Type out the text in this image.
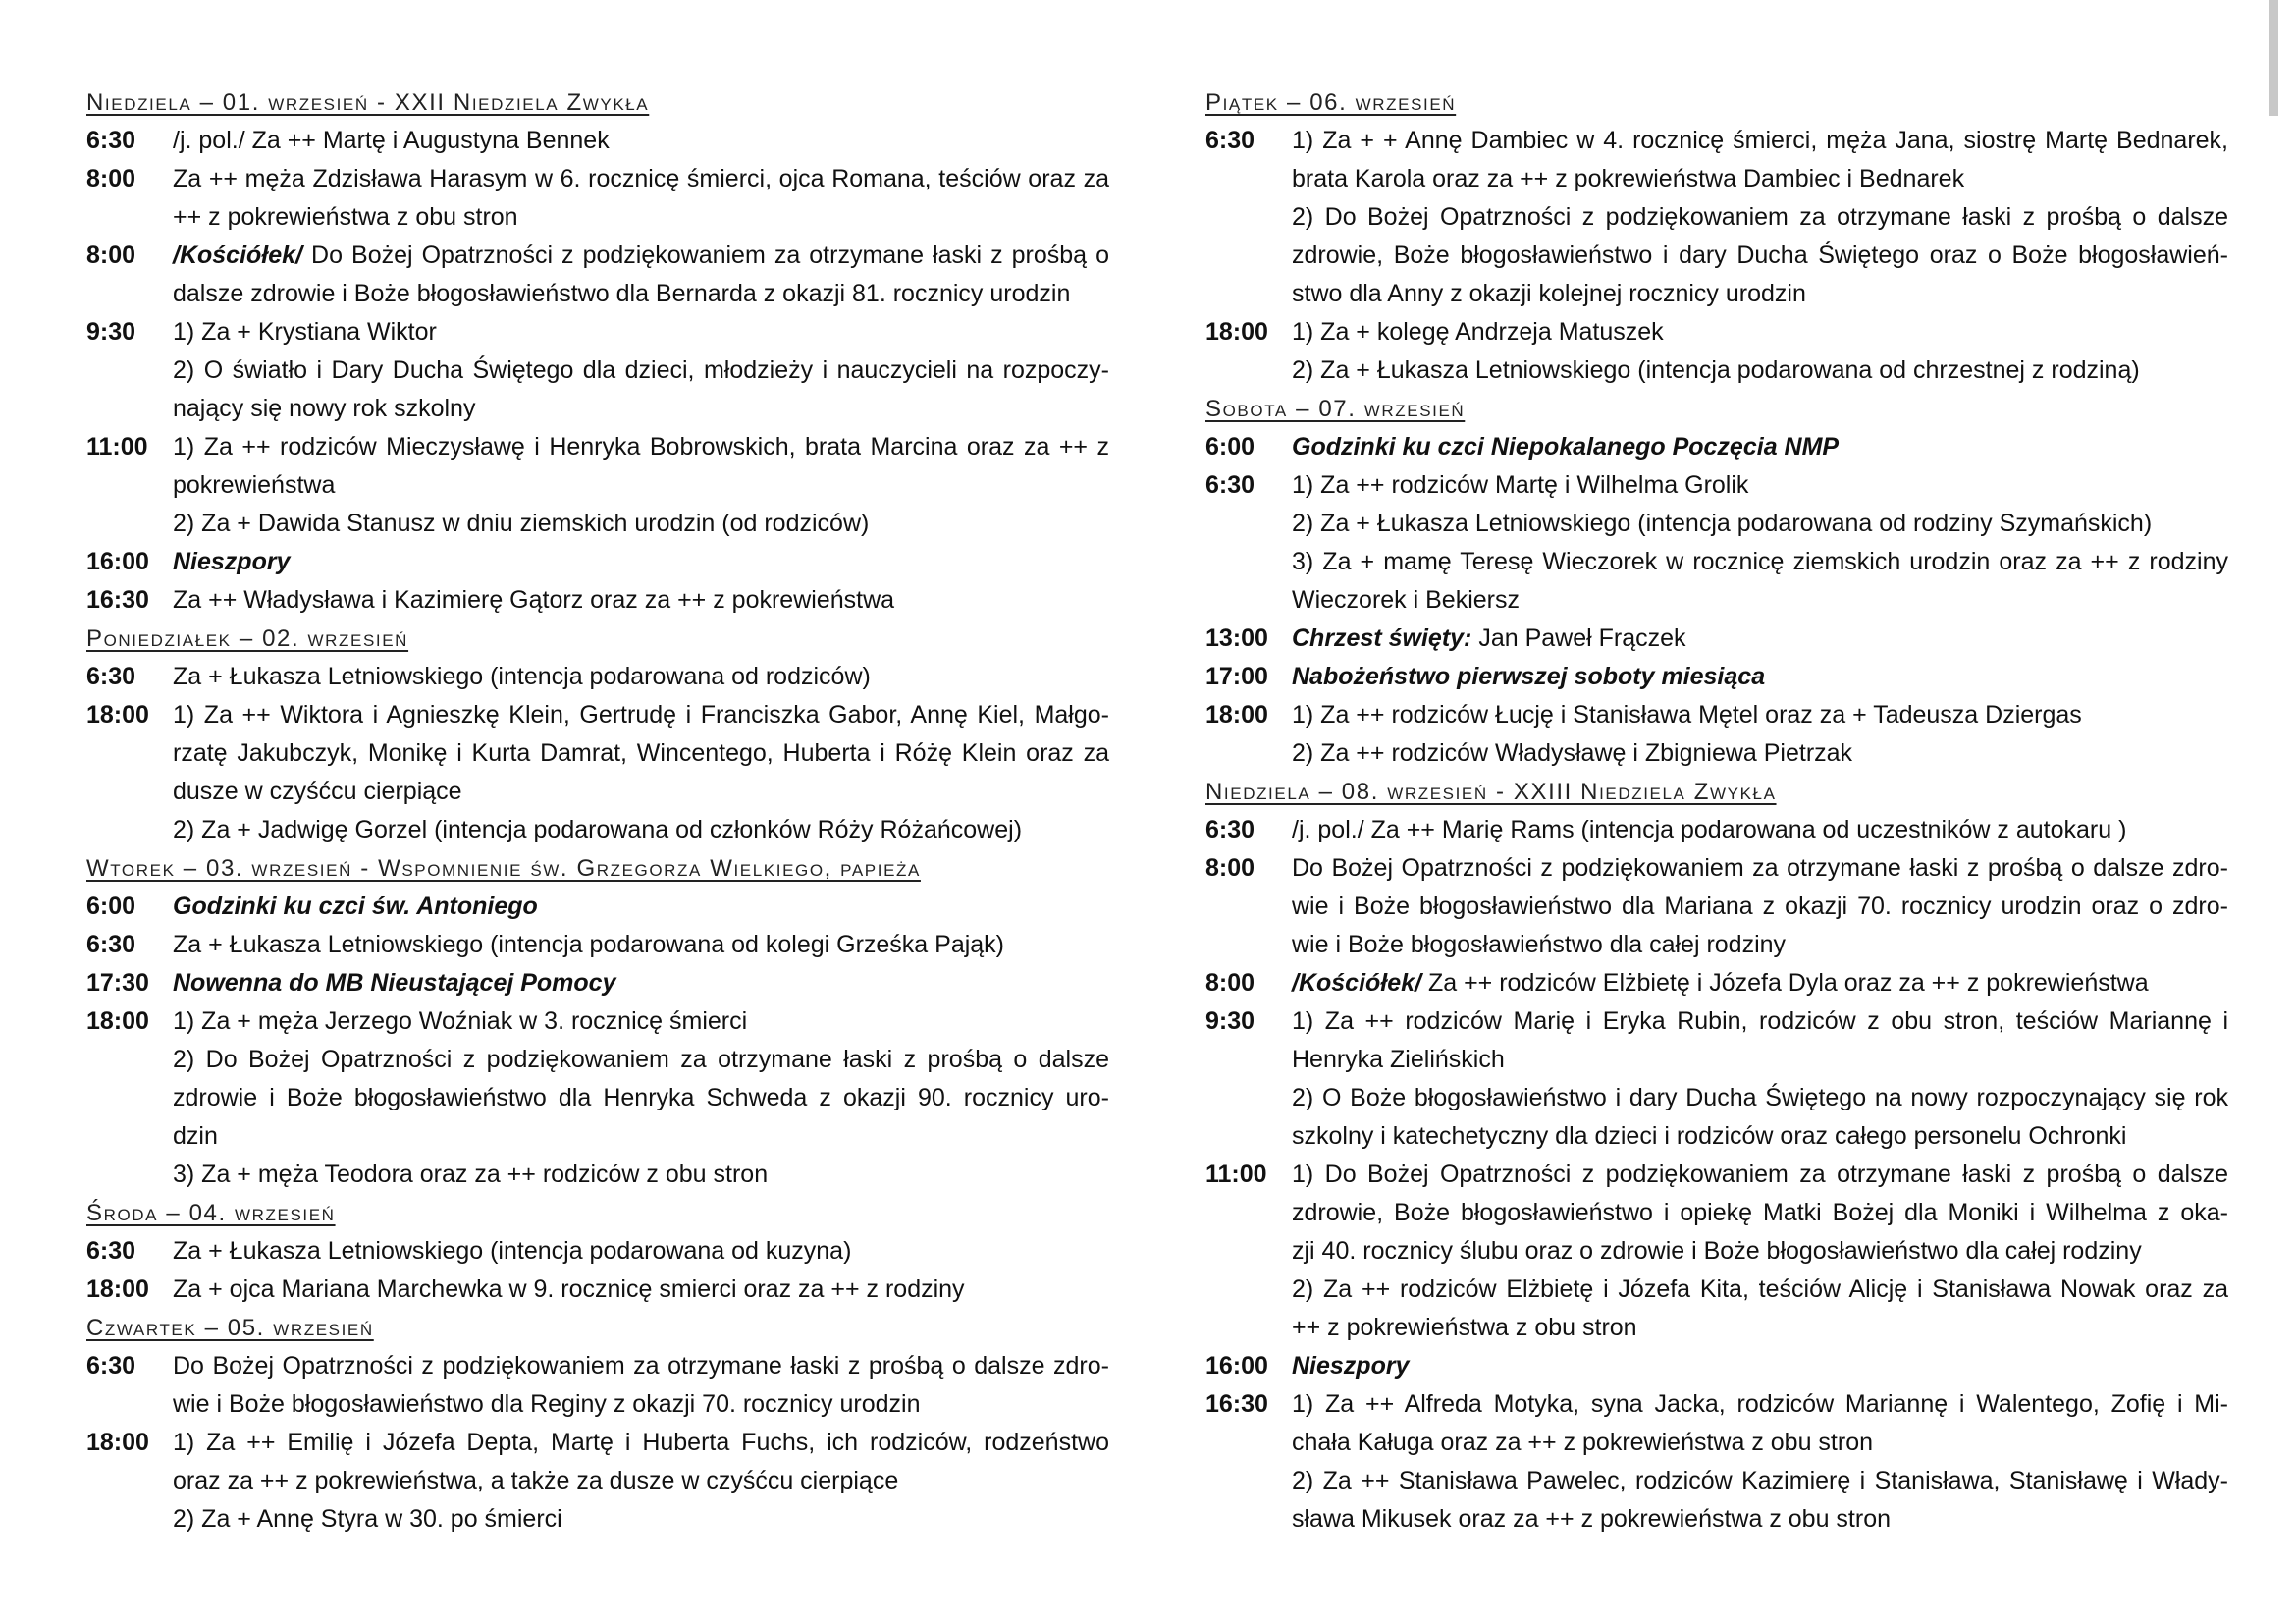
Niedziela – 01. wrzesień - XXII Niedziela Zwykła
6:30	/j. pol./ Za ++ Martę i Augustyna Bennek
8:00	Za ++ męża Zdzisława Harasym w 6. rocznicę śmierci, ojca Romana, teściów oraz za
++ z pokrewieństwa z obu stron
8:00	/Kościółek/ Do Bożej Opatrzności z podziękowaniem za otrzymane łaski z prośbą o
dalsze zdrowie i Boże błogosławieństwo dla Bernarda z okazji 81. rocznicy urodzin
9:30	1) Za + Krystiana Wiktor
2) O światło i Dary Ducha Świętego dla dzieci, młodzieży i nauczycieli na rozpoczy-
nający się nowy rok szkolny
11:00	1) Za ++ rodziców Mieczysławę i Henryka Bobrowskich, brata Marcina oraz za ++ z
pokrewieństwa
2) Za + Dawida Stanusz w dniu ziemskich urodzin (od rodziców)
16:00 Nieszpory
16:30 Za ++ Władysława i Kazimierę Gątorz oraz za ++ z pokrewieństwa
Poniedziałek – 02. wrzesień
6:30	Za + Łukasza Letniowskiego (intencja podarowana od rodziców)
18:00 1) Za ++ Wiktora i Agnieszkę Klein, Gertrudę i Franciszka Gabor, Annę Kiel, Małgo-
rzatę Jakubczyk, Monikę i Kurta Damrat, Wincentego, Huberta i Różę Klein oraz za
dusze w czyśćcu cierpiące
2) Za + Jadwigę Gorzel (intencja podarowana od członków Róży Różańcowej)
Wtorek – 03. wrzesień - Wspomnienie św. Grzegorza Wielkiego, papieża
6:00	Godzinki ku czci św. Antoniego
6:30	Za + Łukasza Letniowskiego (intencja podarowana od kolegi Grześka Pająk)
17:30 Nowenna do MB Nieustającej Pomocy
18:00 1) Za + męża Jerzego Woźniak w 3. rocznicę śmierci
2) Do Bożej Opatrzności z podziękowaniem za otrzymane łaski z prośbą o dalsze
zdrowie i Boże błogosławieństwo dla Henryka Schweda z okazji 90. rocznicy uro-
dzin
3) Za + męża Teodora oraz za ++ rodziców z obu stron
Środa – 04. wrzesień
6:30	Za + Łukasza Letniowskiego (intencja podarowana od kuzyna)
18:00 Za + ojca Mariana Marchewka w 9. rocznicę smierci oraz za ++ z rodziny
Czwartek – 05. wrzesień
6:30	Do Bożej Opatrzności z podziękowaniem za otrzymane łaski z prośbą o dalsze zdro-
wie i Boże błogosławieństwo dla Reginy z okazji 70. rocznicy urodzin
18:00 1) Za ++ Emilię i Józefa Depta, Martę i Huberta Fuchs, ich rodziców, rodzeństwo
oraz za ++ z pokrewieństwa, a także za dusze w czyśćcu cierpiące
2) Za + Annę Styra w 30. po śmierci
Piątek – 06. wrzesień
6:30	1) Za + + Annę Dambiec w 4. rocznicę śmierci, męża Jana, siostrę Martę Bednarek,
brata Karola oraz za ++ z pokrewieństwa Dambiec i Bednarek
2) Do Bożej Opatrzności z podziękowaniem za otrzymane łaski z prośbą o dalsze
zdrowie, Boże błogosławieństwo i dary Ducha Świętego oraz o Boże błogosławień-
stwo dla Anny z okazji kolejnej rocznicy urodzin
18:00 1) Za + kolegę Andrzeja Matuszek
2) Za + Łukasza Letniowskiego (intencja podarowana od chrzestnej z rodziną)
Sobota – 07. wrzesień
6:00	Godzinki ku czci Niepokalanego Poczęcia NMP
6:30	1) Za ++ rodziców Martę i Wilhelma Grolik
2) Za + Łukasza Letniowskiego (intencja podarowana od rodziny Szymańskich)
3) Za + mamę Teresę Wieczorek w rocznicę ziemskich urodzin oraz za ++ z rodziny
Wieczorek i Bekiersz
13:00 Chrzest święty: Jan Paweł Frączek
17:00 Nabożeństwo pierwszej soboty miesiąca
18:00 1) Za ++ rodziców Łucję i Stanisława Mętel oraz za + Tadeusza Dziergas
2) Za ++ rodziców Władysławę i Zbigniewa Pietrzak
Niedziela – 08. wrzesień - XXIII Niedziela Zwykła
6:30	/j. pol./ Za ++ Marię Rams (intencja podarowana od uczestników z autokaru )
8:00	Do Bożej Opatrzności z podziękowaniem za otrzymane łaski z prośbą o dalsze zdro-
wie i Boże błogosławieństwo dla Mariana z okazji 70. rocznicy urodzin oraz o zdro-
wie i Boże błogosławieństwo dla całej rodziny
8:00	/Kościółek/ Za ++ rodziców Elżbietę i Józefa Dyla oraz za ++ z pokrewieństwa
9:30	1) Za ++ rodziców Marię i Eryka Rubin, rodziców z obu stron, teściów Mariannę i
Henryka Zielińskich
2) O Boże błogosławieństwo i dary Ducha Świętego na nowy rozpoczynający się rok
szkolny i katechetyczny dla dzieci i rodziców oraz całego personelu Ochronki
11:00	1) Do Bożej Opatrzności z podziękowaniem za otrzymane łaski z prośbą o dalsze
zdrowie, Boże błogosławieństwo i opiekę Matki Bożej dla Moniki i Wilhelma z oka-
zji 40. rocznicy ślubu oraz o zdrowie i Boże błogosławieństwo dla całej rodziny
2) Za ++ rodziców Elżbietę i Józefa Kita, teściów Alicję i Stanisława Nowak oraz za
++ z pokrewieństwa z obu stron
16:00 Nieszpory
16:30 1) Za ++ Alfreda Motyka, syna Jacka, rodziców Mariannę i Walentego, Zofię i Mi-
chała Kaługa oraz za ++ z pokrewieństwa z obu stron
2) Za ++ Stanisława Pawelec, rodziców Kazimierę i Stanisława, Stanisławę i Włady-
sława Mikusek oraz za ++ z pokrewieństwa z obu stron
